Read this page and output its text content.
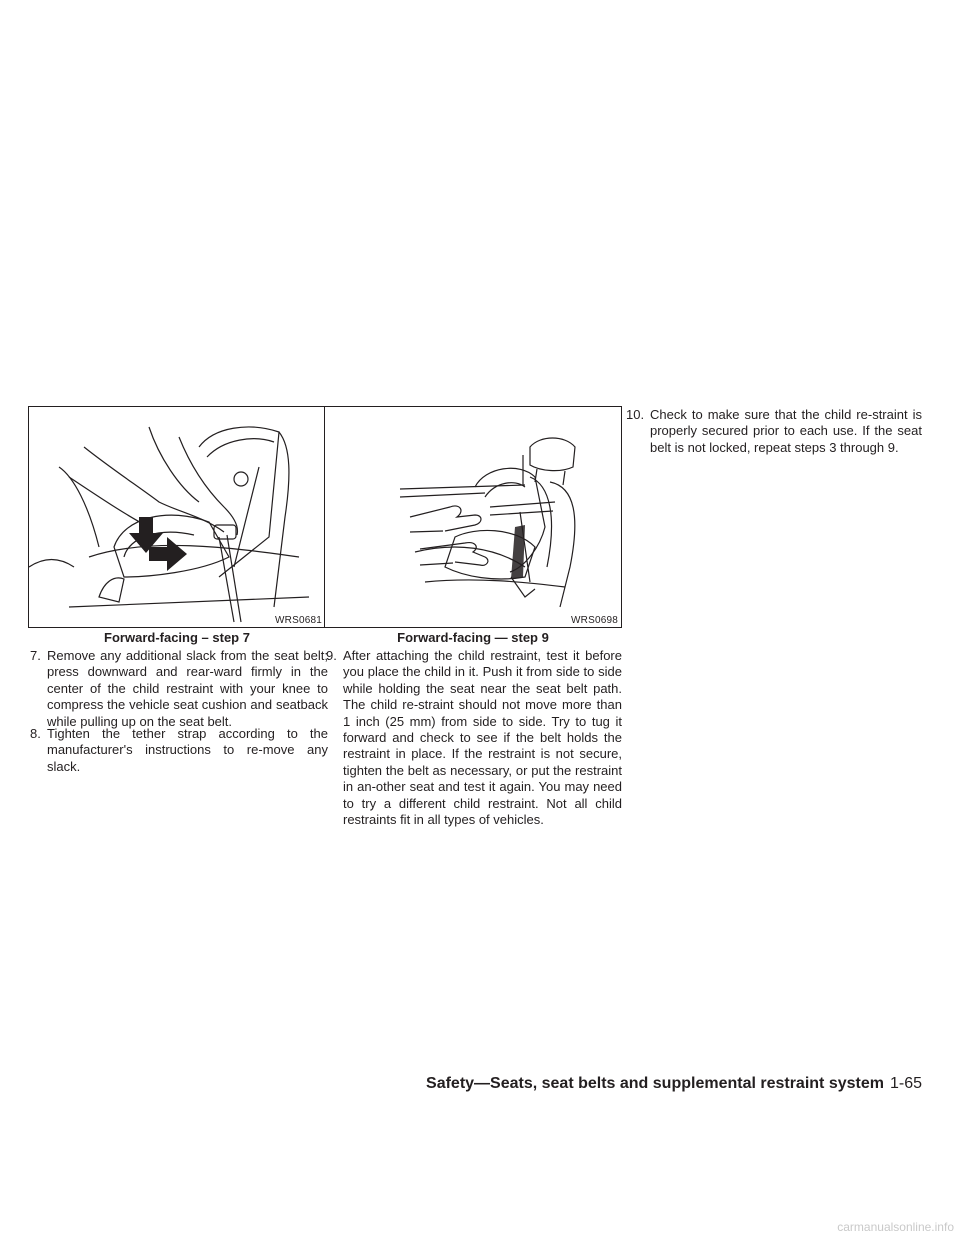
WRS0681
Forward-facing – step 7
WRS0698
Forward-facing — step 9
7. Remove any additional slack from the seat belt; press downward and rear-ward firmly in the center of the child restraint with your knee to compress the vehicle seat cushion and seatback while pulling up on the seat belt.
8. Tighten the tether strap according to the manufacturer's instructions to re-move any slack.
9. After attaching the child restraint, test it before you place the child in it. Push it from side to side while holding the seat near the seat belt path. The child re-straint should not move more than 1 inch (25 mm) from side to side. Try to tug it forward and check to see if the belt holds the restraint in place. If the restraint is not secure, tighten the belt as necessary, or put the restraint in an-other seat and test it again. You may need to try a different child restraint. Not all child restraints fit in all types of vehicles.
10. Check to make sure that the child re-straint is properly secured prior to each use. If the seat belt is not locked, repeat steps 3 through 9.
Safety—Seats, seat belts and supplemental restraint system 1-65
carmanualsonline.info
